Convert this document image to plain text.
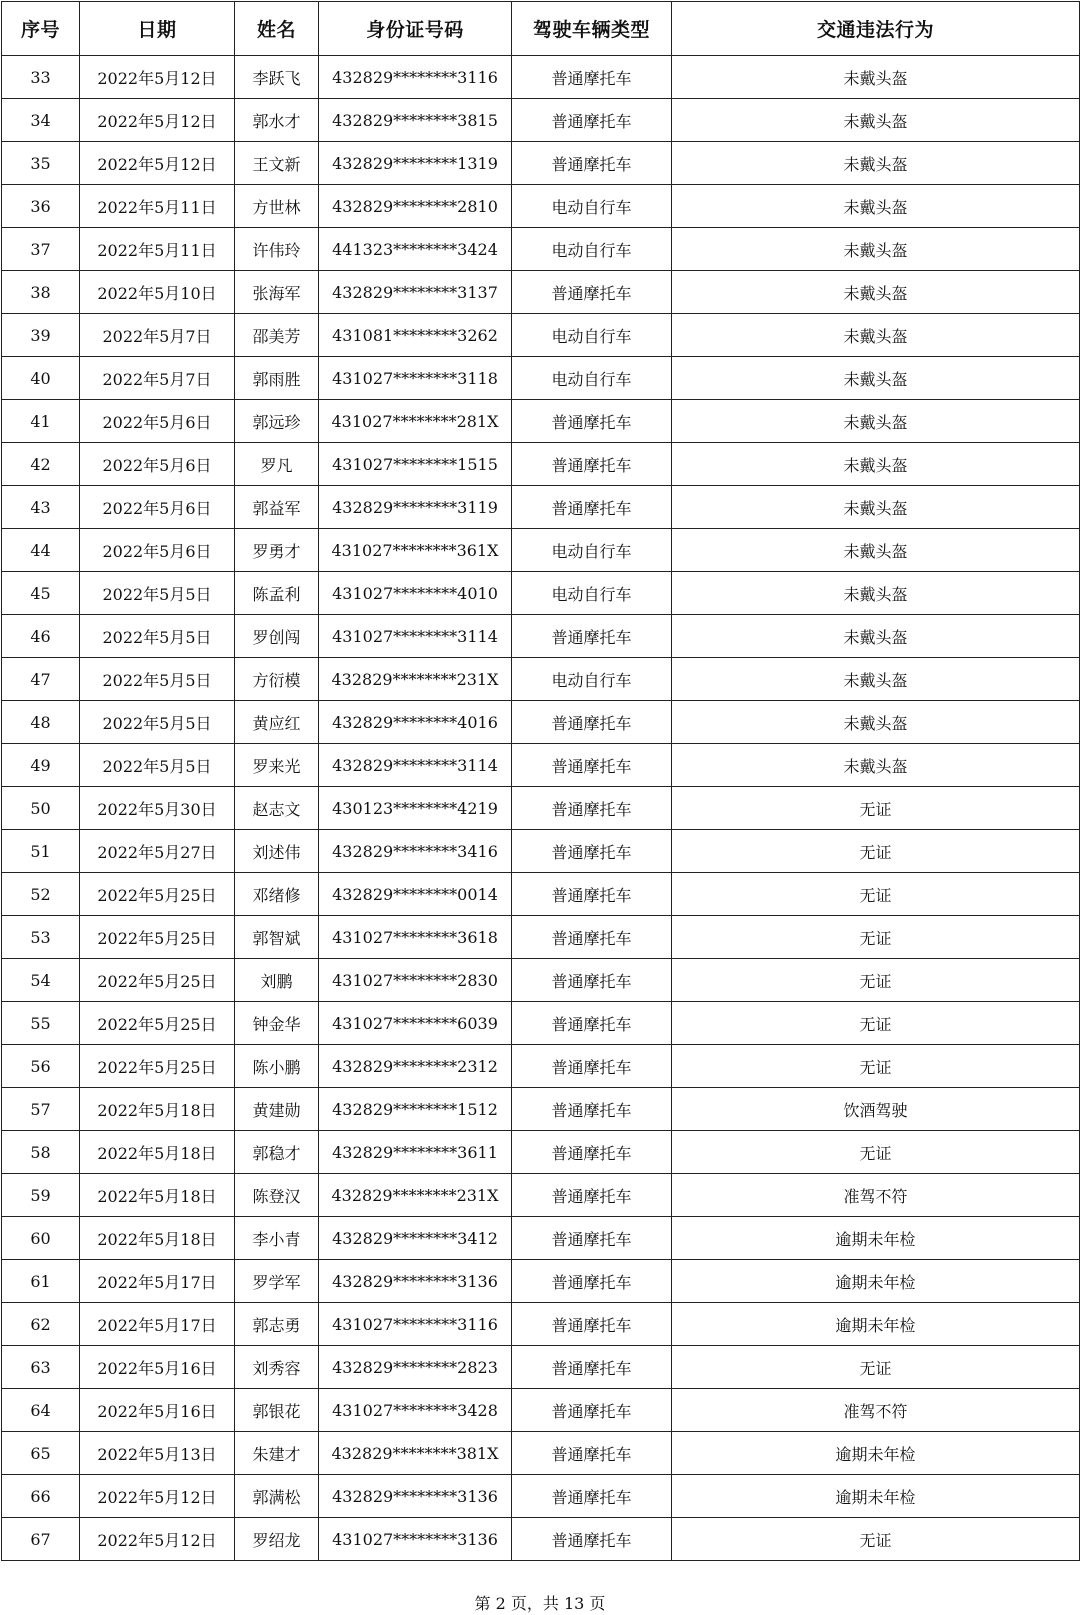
序号	日期	姓名	身份证号码	驾驶车辆类型	交通违法行为
33	2022年5月12日	李跃飞	432829********3116	普通摩托车	未戴头盔
34	2022年5月12日	郭水才	432829********3815	普通摩托车	未戴头盔
35	2022年5月12日	王文新	432829********1319	普通摩托车	未戴头盔
36	2022年5月11日	方世林	432829********2810	电动自行车	未戴头盔
37	2022年5月11日	许伟玲	441323********3424	电动自行车	未戴头盔
38	2022年5月10日	张海军	432829********3137	普通摩托车	未戴头盔
39	2022年5月7日	邵美芳	431081********3262	电动自行车	未戴头盔
40	2022年5月7日	郭雨胜	431027********3118	电动自行车	未戴头盔
41	2022年5月6日	郭远珍	431027********281X	普通摩托车	未戴头盔
42	2022年5月6日	罗凡	431027********1515	普通摩托车	未戴头盔
43	2022年5月6日	郭益军	432829********3119	普通摩托车	未戴头盔
44	2022年5月6日	罗勇才	431027********361X	电动自行车	未戴头盔
45	2022年5月5日	陈孟利	431027********4010	电动自行车	未戴头盔
46	2022年5月5日	罗创闯	431027********3114	普通摩托车	未戴头盔
47	2022年5月5日	方衍模	432829********231X	电动自行车	未戴头盔
48	2022年5月5日	黄应红	432829********4016	普通摩托车	未戴头盔
49	2022年5月5日	罗来光	432829********3114	普通摩托车	未戴头盔
50	2022年5月30日	赵志文	430123********4219	普通摩托车	无证
51	2022年5月27日	刘述伟	432829********3416	普通摩托车	无证
52	2022年5月25日	邓绪修	432829********0014	普通摩托车	无证
53	2022年5月25日	郭智斌	431027********3618	普通摩托车	无证
54	2022年5月25日	刘鹏	431027********2830	普通摩托车	无证
55	2022年5月25日	钟金华	431027********6039	普通摩托车	无证
56	2022年5月25日	陈小鹏	432829********2312	普通摩托车	无证
57	2022年5月18日	黄建勋	432829********1512	普通摩托车	饮酒驾驶
58	2022年5月18日	郭稳才	432829********3611	普通摩托车	无证
59	2022年5月18日	陈登汉	432829********231X	普通摩托车	准驾不符
60	2022年5月18日	李小青	432829********3412	普通摩托车	逾期未年检
61	2022年5月17日	罗学军	432829********3136	普通摩托车	逾期未年检
62	2022年5月17日	郭志勇	431027********3116	普通摩托车	逾期未年检
63	2022年5月16日	刘秀容	432829********2823	普通摩托车	无证
64	2022年5月16日	郭银花	431027********3428	普通摩托车	准驾不符
65	2022年5月13日	朱建才	432829********381X	普通摩托车	逾期未年检
66	2022年5月12日	郭满松	432829********3136	普通摩托车	逾期未年检
67	2022年5月12日	罗绍龙	431027********3136	普通摩托车	无证
第 2 页，共 13 页
